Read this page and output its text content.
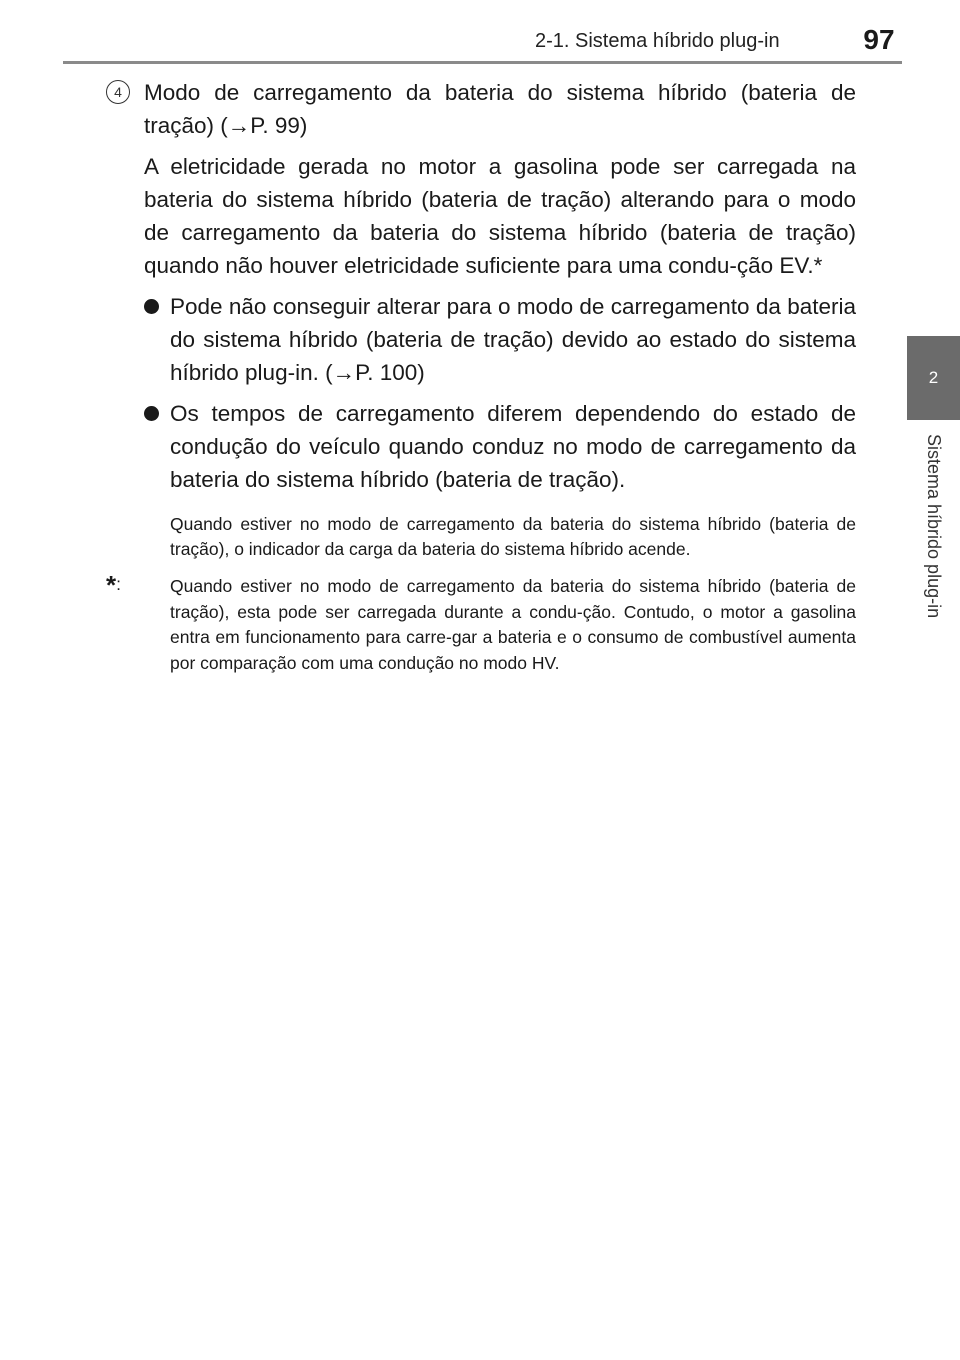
2-1. Sistema híbrido plug-in	97
2
Sistema híbrido plug-in
4 Modo de carregamento da bateria do sistema híbrido (bateria de tração) (→P. 99)

A eletricidade gerada no motor a gasolina pode ser carregada na bateria do sistema híbrido (bateria de tração) alterando para o modo de carregamento da bateria do sistema híbrido (bateria de tração) quando não houver eletricidade suficiente para uma condu-ção EV.*

Pode não conseguir alterar para o modo de carregamento da bateria do sistema híbrido (bateria de tração) devido ao estado do sistema híbrido plug-in. (→P. 100)
Os tempos de carregamento diferem dependendo do estado de condução do veículo quando conduz no modo de carregamento da bateria do sistema híbrido (bateria de tração).

Quando estiver no modo de carregamento da bateria do sistema híbrido (bateria de tração), o indicador da carga da bateria do sistema híbrido acende.

*:	Quando estiver no modo de carregamento da bateria do sistema híbrido (bateria de tração), esta pode ser carregada durante a condu-ção. Contudo, o motor a gasolina entra em funcionamento para carre-gar a bateria e o consumo de combustível aumenta por comparação com uma condução no modo HV.
